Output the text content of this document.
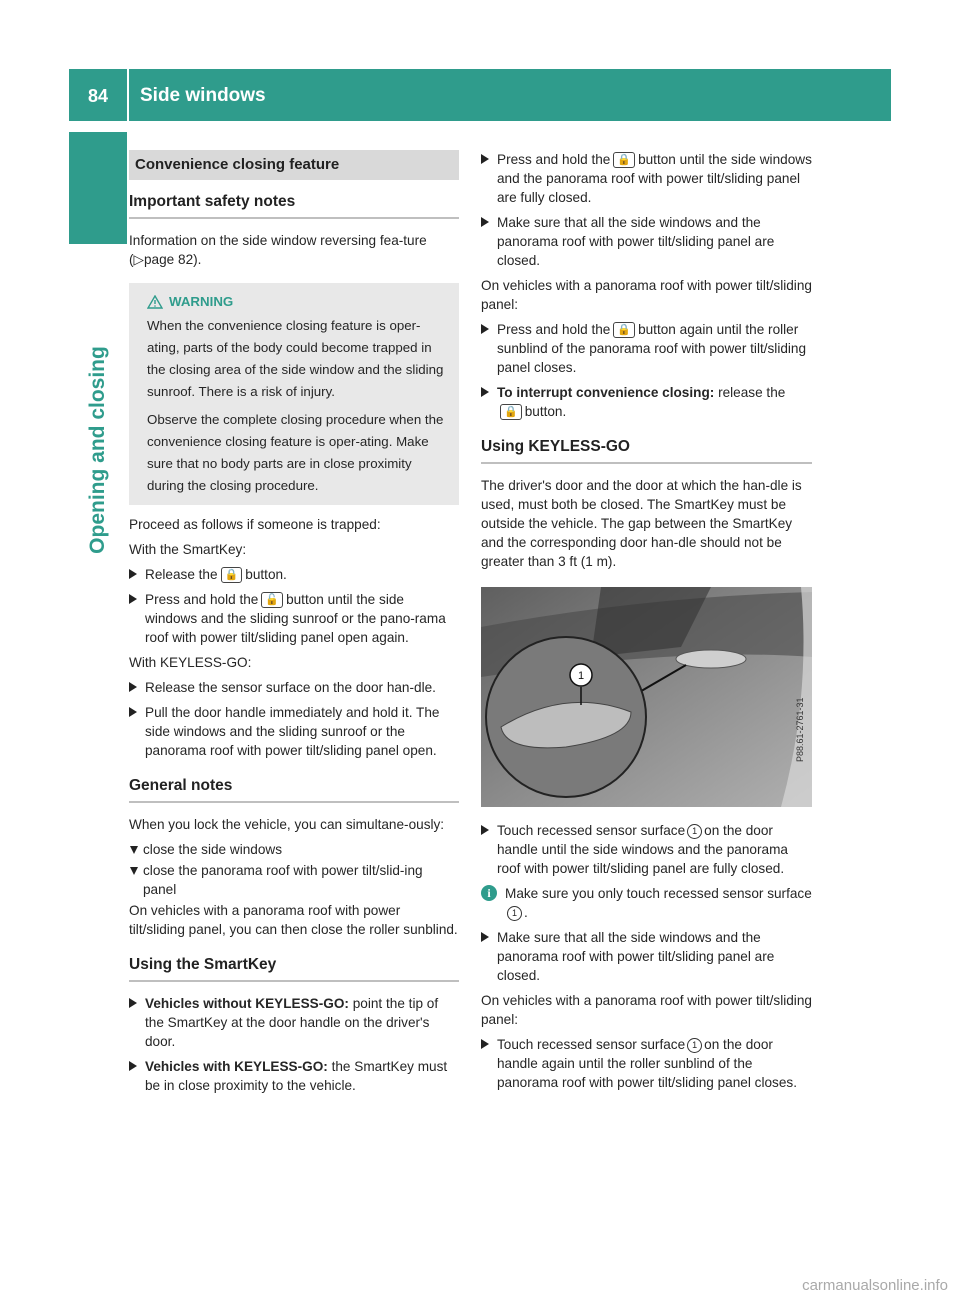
84	Side windows
Opening and closing
Convenience closing feature
Important safety notes

Information on the side window reversing fea-ture (▷page 82).

WARNING

When the convenience closing feature is oper-ating, parts of the body could become trapped in the closing area of the side window and the sliding sunroof. There is a risk of injury.

Observe the complete closing procedure when the convenience closing feature is oper-ating. Make sure that no body parts are in close proximity during the closing procedure.

Proceed as follows if someone is trapped:

With the SmartKey:

Release the 🔒 button.
Press and hold the 🔓 button until the side windows and the sliding sunroof or the pano-rama roof with power tilt/sliding panel open again.

With KEYLESS-GO:

Release the sensor surface on the door han-dle.
Pull the door handle immediately and hold it. The side windows and the sliding sunroof or the panorama roof with power tilt/sliding panel open.
General notes

When you lock the vehicle, you can simultane-ously:

close the side windows
close the panorama roof with power tilt/slid-ing panel

On vehicles with a panorama roof with power tilt/sliding panel, you can then close the roller sunblind.

Using the SmartKey
Vehicles without KEYLESS-GO: point the tip of the SmartKey at the door handle on the driver's door.
Vehicles with KEYLESS-GO: the SmartKey must be in close proximity to the vehicle.
Press and hold the 🔒 button until the side windows and the panorama roof with power tilt/sliding panel are fully closed.
Make sure that all the side windows and the panorama roof with power tilt/sliding panel are closed.

On vehicles with a panorama roof with power tilt/sliding panel:

Press and hold the 🔒 button again until the roller sunblind of the panorama roof with power tilt/sliding panel closes.
To interrupt convenience closing: release the🔒 button.
Using KEYLESS-GO

The driver's door and the door at which the han-dle is used, must both be closed. The SmartKey must be outside the vehicle. The gap between the SmartKey and the corresponding door han-dle should not be greater than 3 ft (1 m).

1
P88.61-2761-31
Touch recessed sensor surface 1 on the door handle until the side windows and the panorama roof with power tilt/sliding panel are fully closed.
i	Make sure you only touch recessed sensor surface1 .
Make sure that all the side windows and the panorama roof with power tilt/sliding panel are closed.

On vehicles with a panorama roof with power tilt/sliding panel:

Touch recessed sensor surface 1 on the door handle again until the roller sunblind of the panorama roof with power tilt/sliding panel closes.
carmanualsonline.info
